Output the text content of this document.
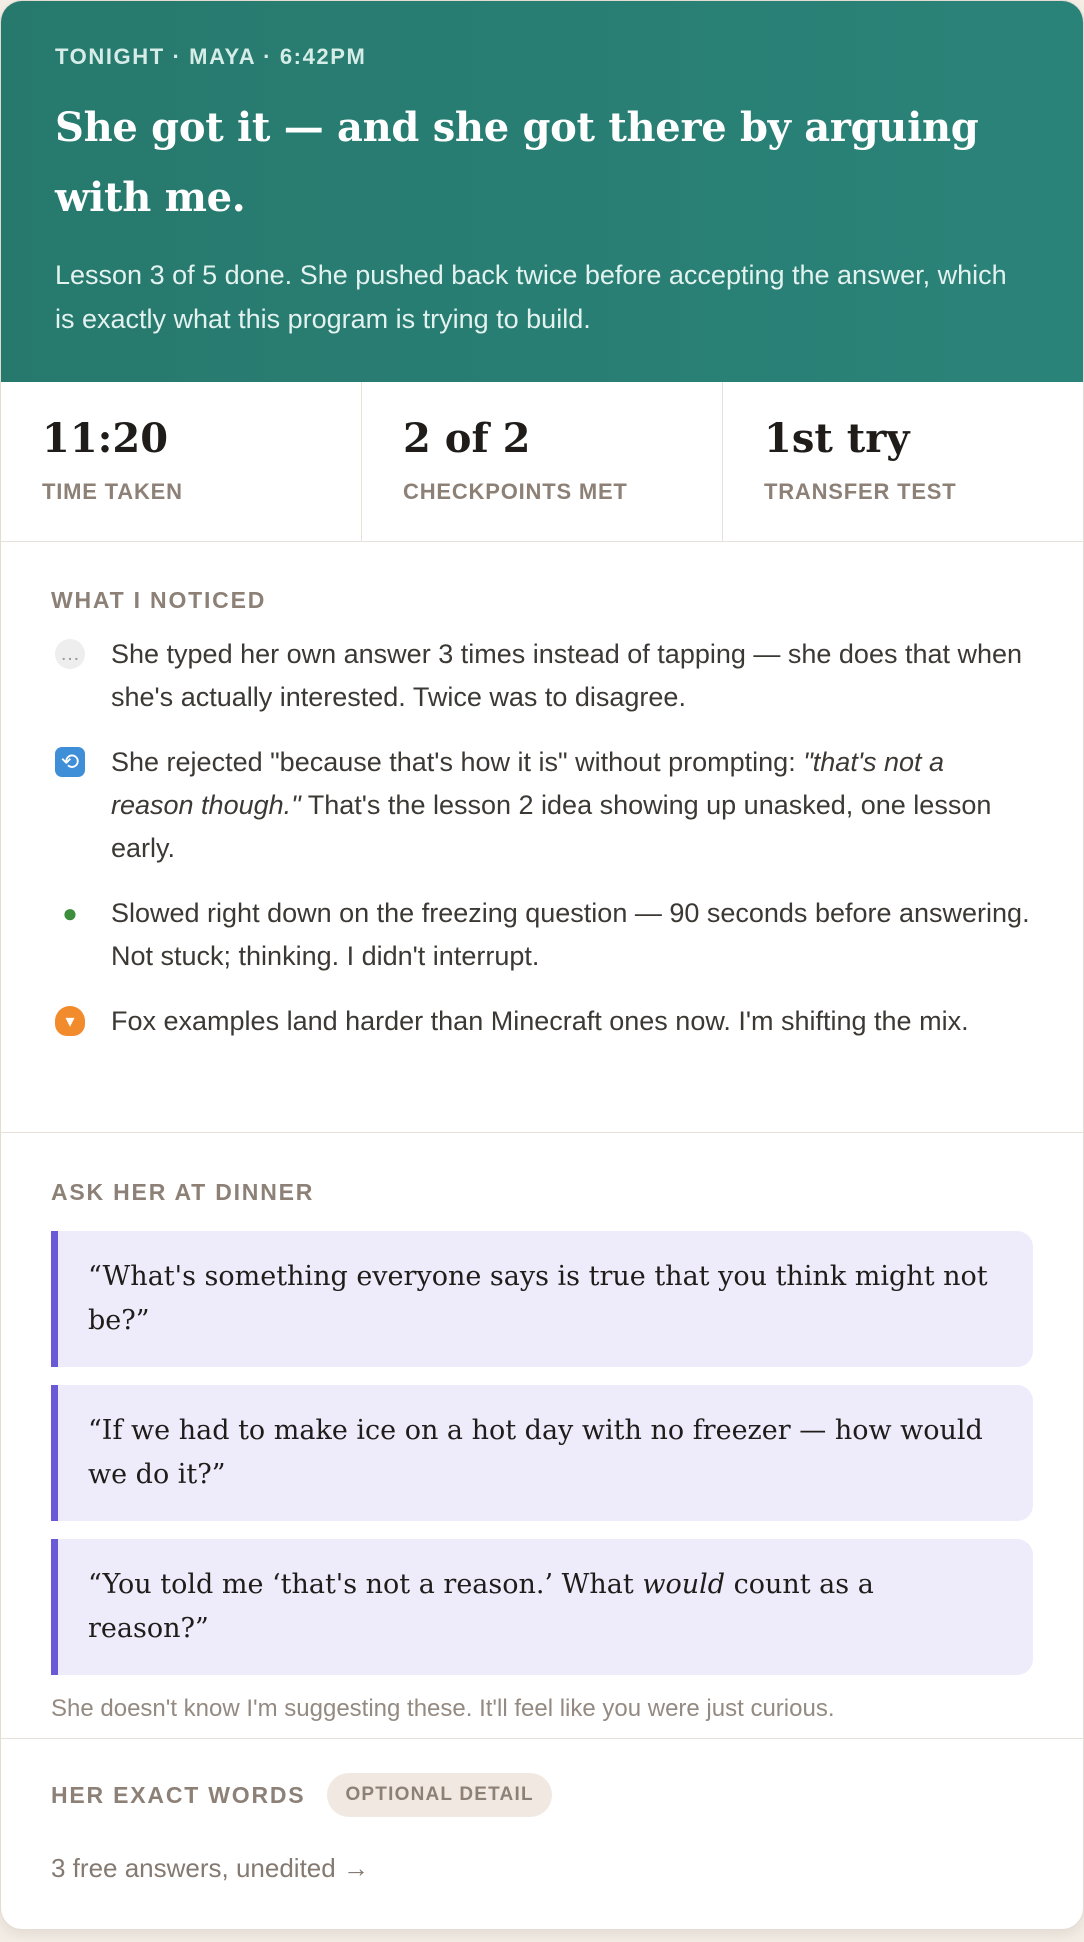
TONIGHT · MAYA · 6:42PM
She got it — and she got there by arguing with me.

Lesson 3 of 5 done. She pushed back twice before accepting the answer, which is exactly what this program is trying to build.

11:20
TIME TAKEN
2 of 2
CHECKPOINTS MET
1st try
TRANSFER TEST
WHAT I NOTICED
… She typed her own answer 3 times instead of tapping — she does that when she's actually interested. Twice was to disagree.
⟲ She rejected "because that's how it is" without prompting: "that's not a reason though." That's the lesson 2 idea showing up unasked, one lesson early.
● Slowed right down on the freezing question — 90 seconds before answering. Not stuck; thinking. I didn't interrupt.
▾	Fox examples land harder than Minecraft ones now. I'm shifting the mix.
ASK HER AT DINNER
“What's something everyone says is true that you think might not be?”
“If we had to make ice on a hot day with no freezer — how would we do it?”
“You told me ‘that's not a reason.’ What would count as a reason?”
She doesn't know I'm suggesting these. It'll feel like you were just curious.
HER EXACT WORDS	OPTIONAL DETAIL
3 free answers, unedited →
